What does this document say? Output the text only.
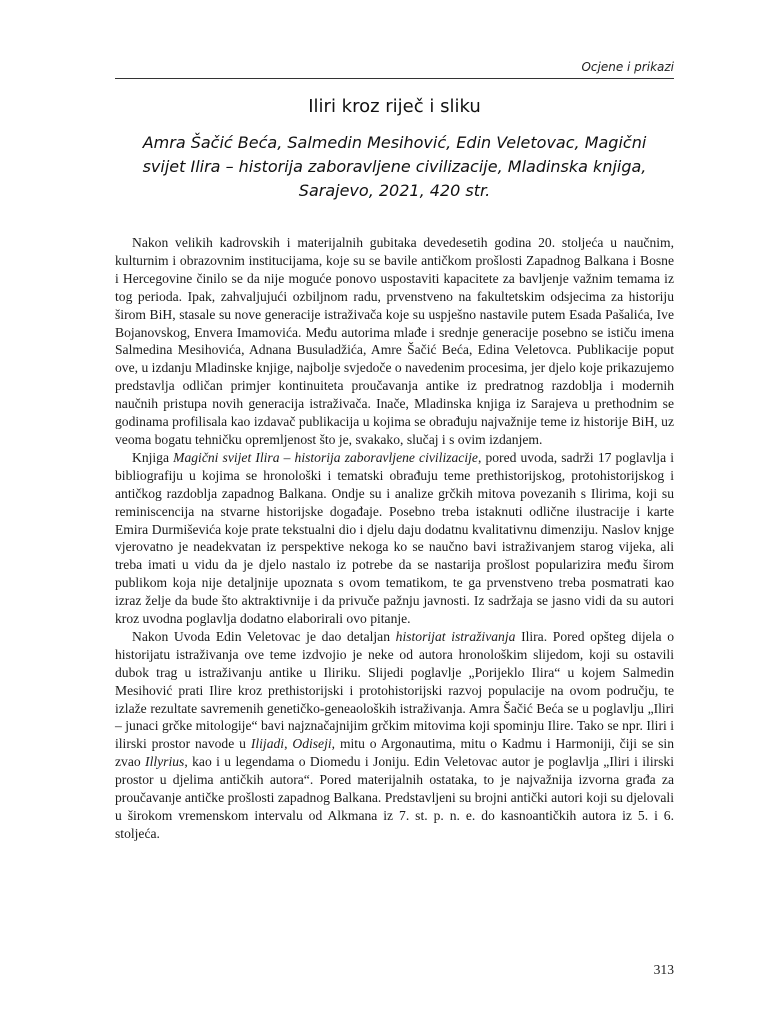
Ocjene i prikazi
Iliri kroz riječ i sliku

Amra Šačić Beća, Salmedin Mesihović, Edin Veletovac, Magični svijet Ilira – historija zaboravljene civilizacije, Mladinska knjiga, Sarajevo, 2021, 420 str.

Nakon velikih kadrovskih i materijalnih gubitaka devedesetih godina 20. stoljeća u naučnim, kulturnim i obrazovnim institucijama, koje su se bavile antičkom prošlosti Zapadnog Balkana i Bosne i Hercegovine činilo se da nije moguće ponovo uspostaviti kapacitete za bavljenje važnim temama iz tog perioda. Ipak, zahvaljujući ozbiljnom radu, prvenstveno na fakultetskim odsjecima za historiju širom BiH, stasale su nove generacije istraživača koje su uspješno nastavile putem Esada Pašalića, Ive Bojanovskog, Envera Imamovića. Među autorima mlađe i srednje generacije posebno se ističu imena Salmedina Mesihovića, Adnana Busuladžića, Amre Šačić Beća, Edina Veletovca. Publikacije poput ove, u izdanju Mladinske knjige, najbolje svjedoče o navedenim procesima, jer djelo koje prikazujemo predstavlja odličan primjer kontinuiteta proučavanja antike iz predratnog razdoblja i modernih naučnih pristupa novih generacija istraživača. Inače, Mladinska knjiga iz Sarajeva u prethodnim se godinama profilisala kao izdavač publikacija u kojima se obrađuju najvažnije teme iz historije BiH, uz veoma bogatu tehničku opremljenost što je, svakako, slučaj i s ovim izdanjem.

Knjiga Magični svijet Ilira – historija zaboravljene civilizacije, pored uvoda, sadrži 17 poglavlja i bibliografiju u kojima se hronološki i tematski obrađuju teme prethistorijskog, protohistorijskog i antičkog razdoblja zapadnog Balkana. Ondje su i analize grčkih mitova povezanih s Ilirima, koji su reminiscencija na stvarne historijske događaje. Posebno treba istaknuti odlične ilustracije i karte Emira Durmiševića koje prate tekstualni dio i djelu daju dodatnu kvalitativnu dimenziju. Naslov knjge vjerovatno je neadekvatan iz perspektive nekoga ko se naučno bavi istraživanjem starog vijeka, ali treba imati u vidu da je djelo nastalo iz potrebe da se nastarija prošlost popularizira među širom publikom koja nije detaljnije upoznata s ovom tematikom, te ga prvenstveno treba posmatrati kao izraz želje da bude što aktraktivnije i da privuče pažnju javnosti. Iz sadržaja se jasno vidi da su autori kroz uvodna poglavlja dodatno elaborirali ovo pitanje.

Nakon Uvoda Edin Veletovac je dao detaljan historijat istraživanja Ilira. Pored opšteg dijela o historijatu istraživanja ove teme izdvojio je neke od autora hronološkim slijedom, koji su ostavili dubok trag u istraživanju antike u Iliriku. Slijedi poglavlje „Porijeklo Ilira“ u kojem Salmedin Mesihović prati Ilire kroz prethistorijski i protohistorijski razvoj populacije na ovom području, te izlaže rezultate savremenih genetičko-geneaoloških istraživanja. Amra Šačić Beća se u poglavlju „Iliri – junaci grčke mitologije“ bavi najznačajnijim grčkim mitovima koji spominju Ilire. Tako se npr. Iliri i ilirski prostor navode u Ilijadi, Odiseji, mitu o Argonautima, mitu o Kadmu i Harmoniji, čiji se sin zvao Illyrius, kao i u legendama o Diomedu i Joniju. Edin Veletovac autor je poglavlja „Iliri i ilirski prostor u djelima antičkih autora“. Pored materijalnih ostataka, to je najvažnija izvorna građa za proučavanje antičke prošlosti zapadnog Balkana. Predstavljeni su brojni antički autori koji su djelovali u širokom vremenskom intervalu od Alkmana iz 7. st. p. n. e. do kasnoantičkih autora iz 5. i 6. stoljeća.

313
